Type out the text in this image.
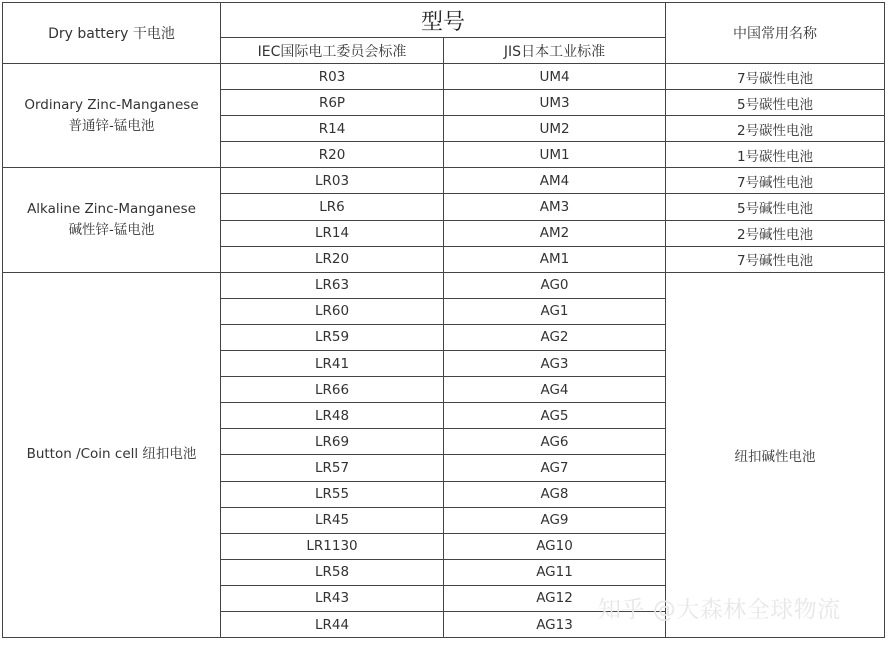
Dry battery 干电池	型号		中国常用名称
	IEC国际电工委员会标准	JIS日本工业标准	

Ordinary Zinc-Manganese
普通锌-锰电池	R03	UM4	7号碳性电池
	R6P	UM3	5号碳性电池
	R14	UM2	2号碳性电池
	R20	UM1	1号碳性电池

Alkaline Zinc-Manganese
碱性锌-锰电池	LR03	AM4	7号碱性电池
	LR6	AM3	5号碱性电池
	LR14	AM2	2号碱性电池
	LR20	AM1	7号碱性电池
Button /Coin cell 纽扣电池	LR63	AG0	纽扣碱性电池
	LR60	AG1	
	LR59	AG2	
	LR41	AG3	
	LR66	AG4	
	LR48	AG5	
	LR69	AG6	
	LR57	AG7	
	LR55	AG8	
	LR45	AG9	
	LR1130	AG10	
	LR58	AG11	
	LR43	AG12	
	LR44	AG13	
知乎 @大森林全球物流
